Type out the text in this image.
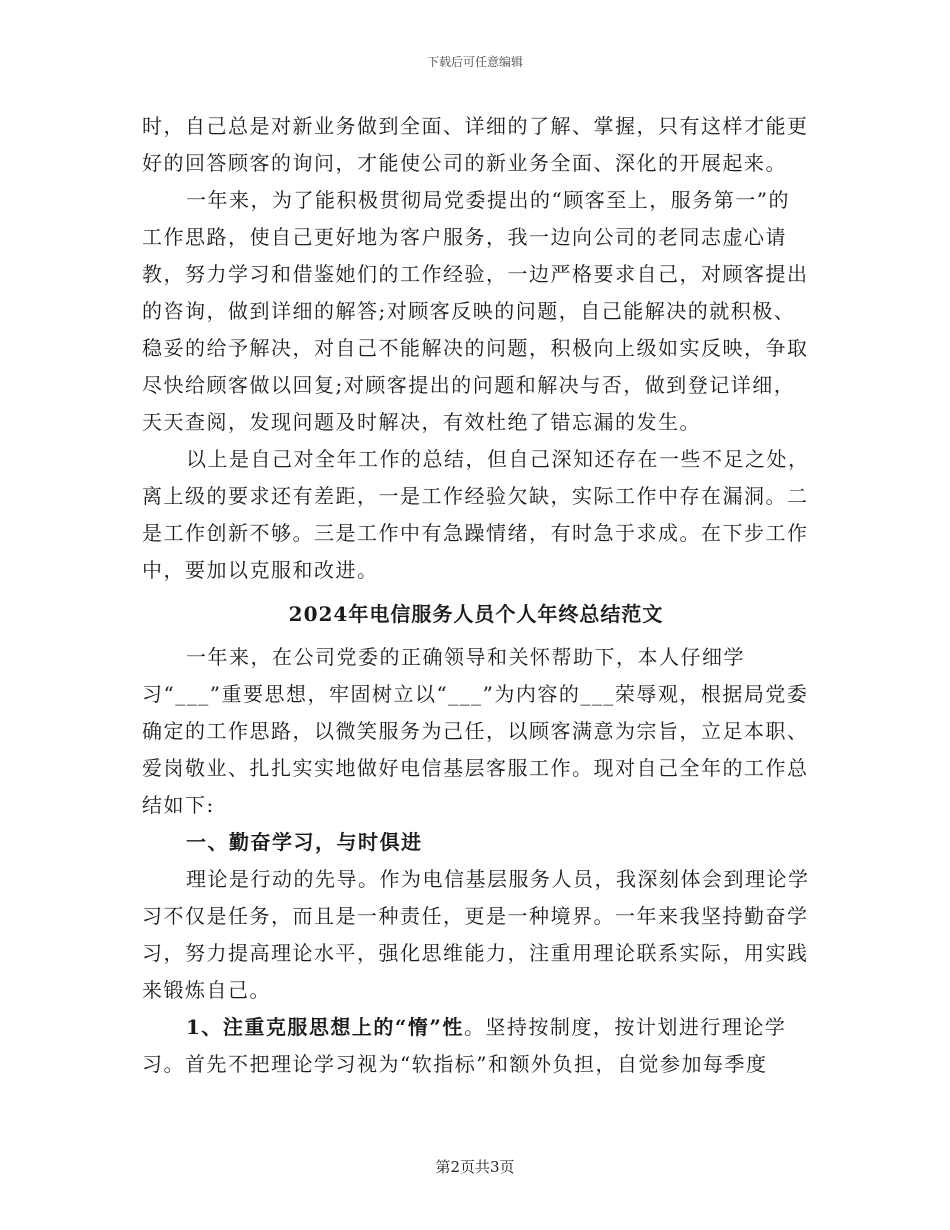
下载后可任意编辑

时，自己总是对新业务做到全面、详细的了解、掌握，只有这样才能更好的回答顾客的询问，才能使公司的新业务全面、深化的开展起来。

一年来，为了能积极贯彻局党委提出的“顾客至上，服务第一”的工作思路，使自己更好地为客户服务，我一边向公司的老同志虚心请教，努力学习和借鉴她们的工作经验，一边严格要求自己，对顾客提出的咨询，做到详细的解答;对顾客反映的问题，自己能解决的就积极、稳妥的给予解决，对自己不能解决的问题，积极向上级如实反映，争取尽快给顾客做以回复;对顾客提出的问题和解决与否，做到登记详细，天天查阅，发现问题及时解决，有效杜绝了错忘漏的发生。

以上是自己对全年工作的总结，但自己深知还存在一些不足之处，离上级的要求还有差距，一是工作经验欠缺，实际工作中存在漏洞。二是工作创新不够。三是工作中有急躁情绪，有时急于求成。在下步工作中，要加以克服和改进。

2024年电信服务人员个人年终总结范文

一年来，在公司党委的正确领导和关怀帮助下，本人仔细学习“___”重要思想，牢固树立以“___”为内容的___荣辱观，根据局党委确定的工作思路，以微笑服务为己任，以顾客满意为宗旨，立足本职、爱岗敬业、扎扎实实地做好电信基层客服工作。现对自己全年的工作总结如下:

一、勤奋学习，与时俱进

理论是行动的先导。作为电信基层服务人员，我深刻体会到理论学习不仅是任务，而且是一种责任，更是一种境界。一年来我坚持勤奋学习，努力提高理论水平，强化思维能力，注重用理论联系实际，用实践来锻炼自己。

1、注重克服思想上的“惰”性。坚持按制度，按计划进行理论学习。首先不把理论学习视为“软指标”和额外负担，自觉参加每季度

第2页共3页
